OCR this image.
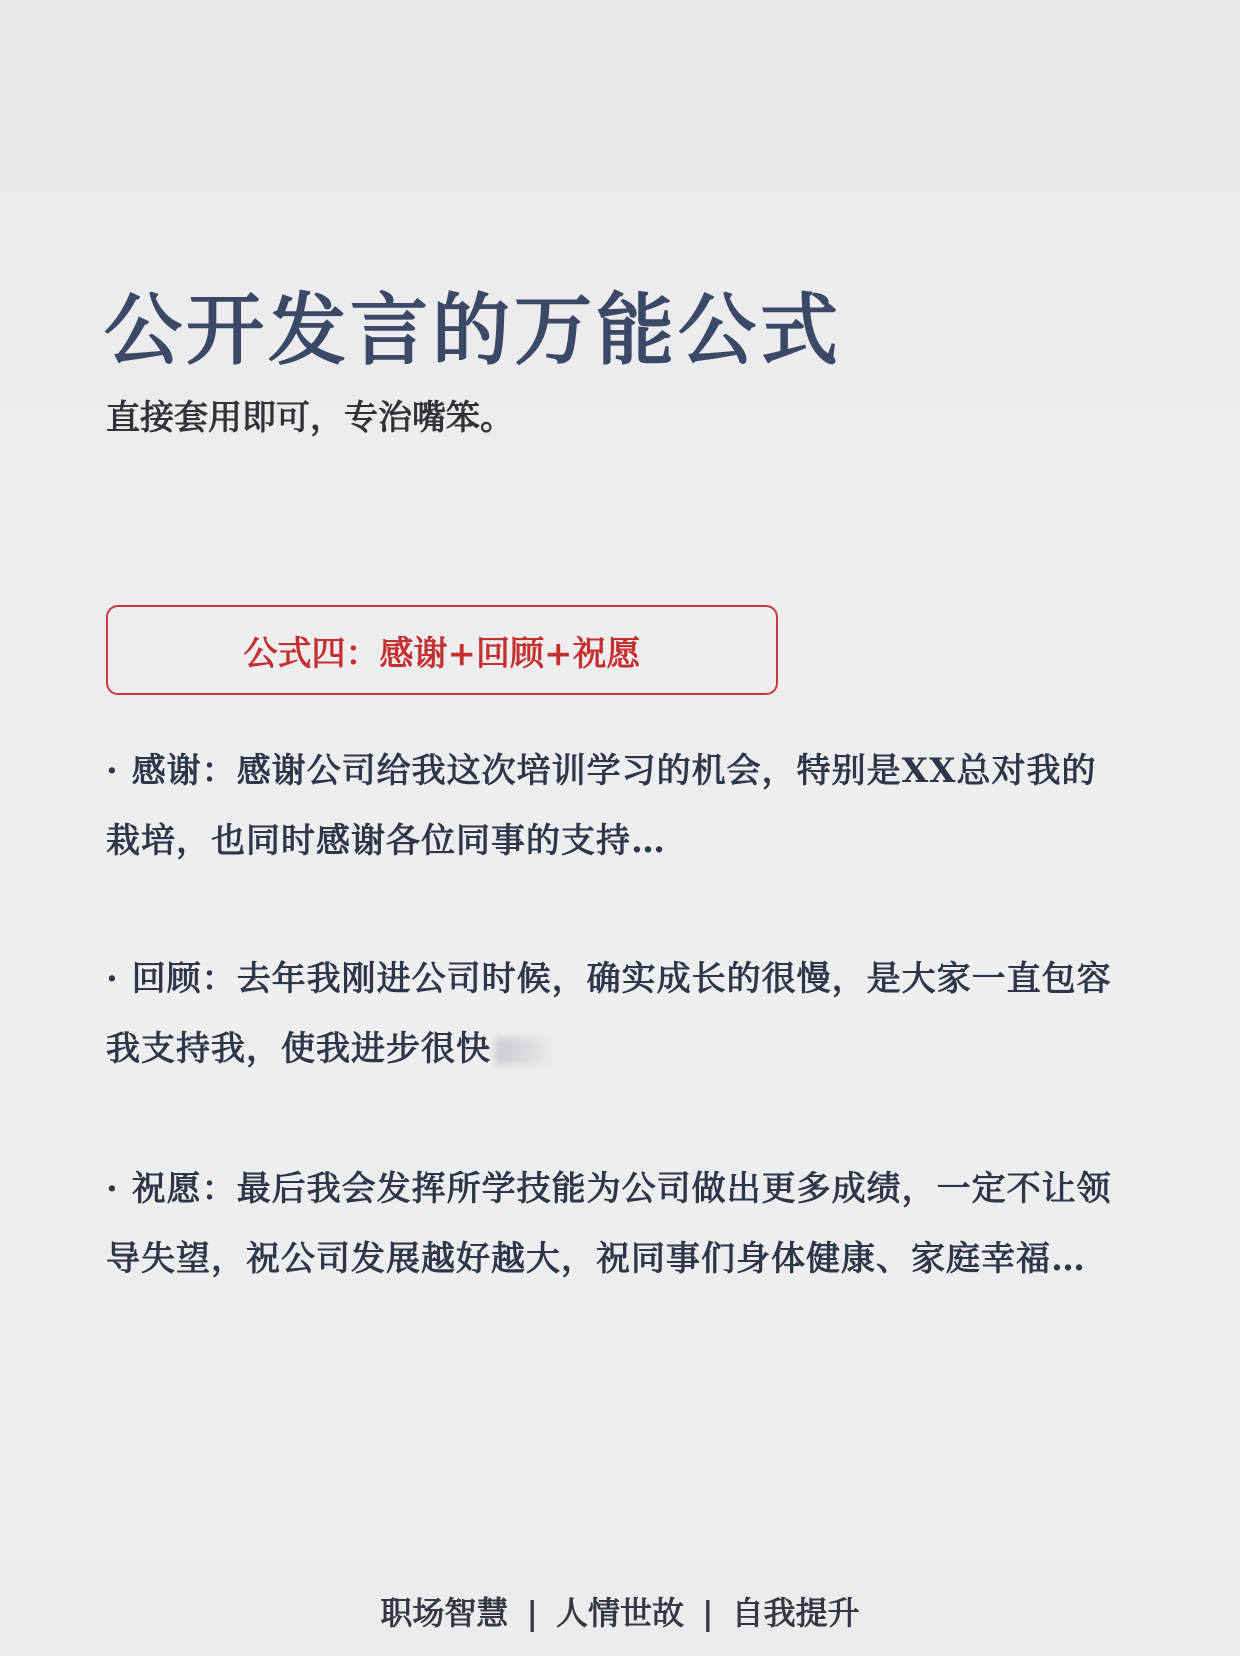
公开发言的万能公式

直接套用即可，专治嘴笨。

公式四：感谢+回顾+祝愿

· 感谢：感谢公司给我这次培训学习的机会，特别是XX总对我的栽培，也同时感谢各位同事的支持…

· 回顾：去年我刚进公司时候，确实成长的很慢，是大家一直包容我支持我，使我进步很快

· 祝愿：最后我会发挥所学技能为公司做出更多成绩，一定不让领导失望，祝公司发展越好越大，祝同事们身体健康、家庭幸福…

职场智慧 | 人情世故 | 自我提升
